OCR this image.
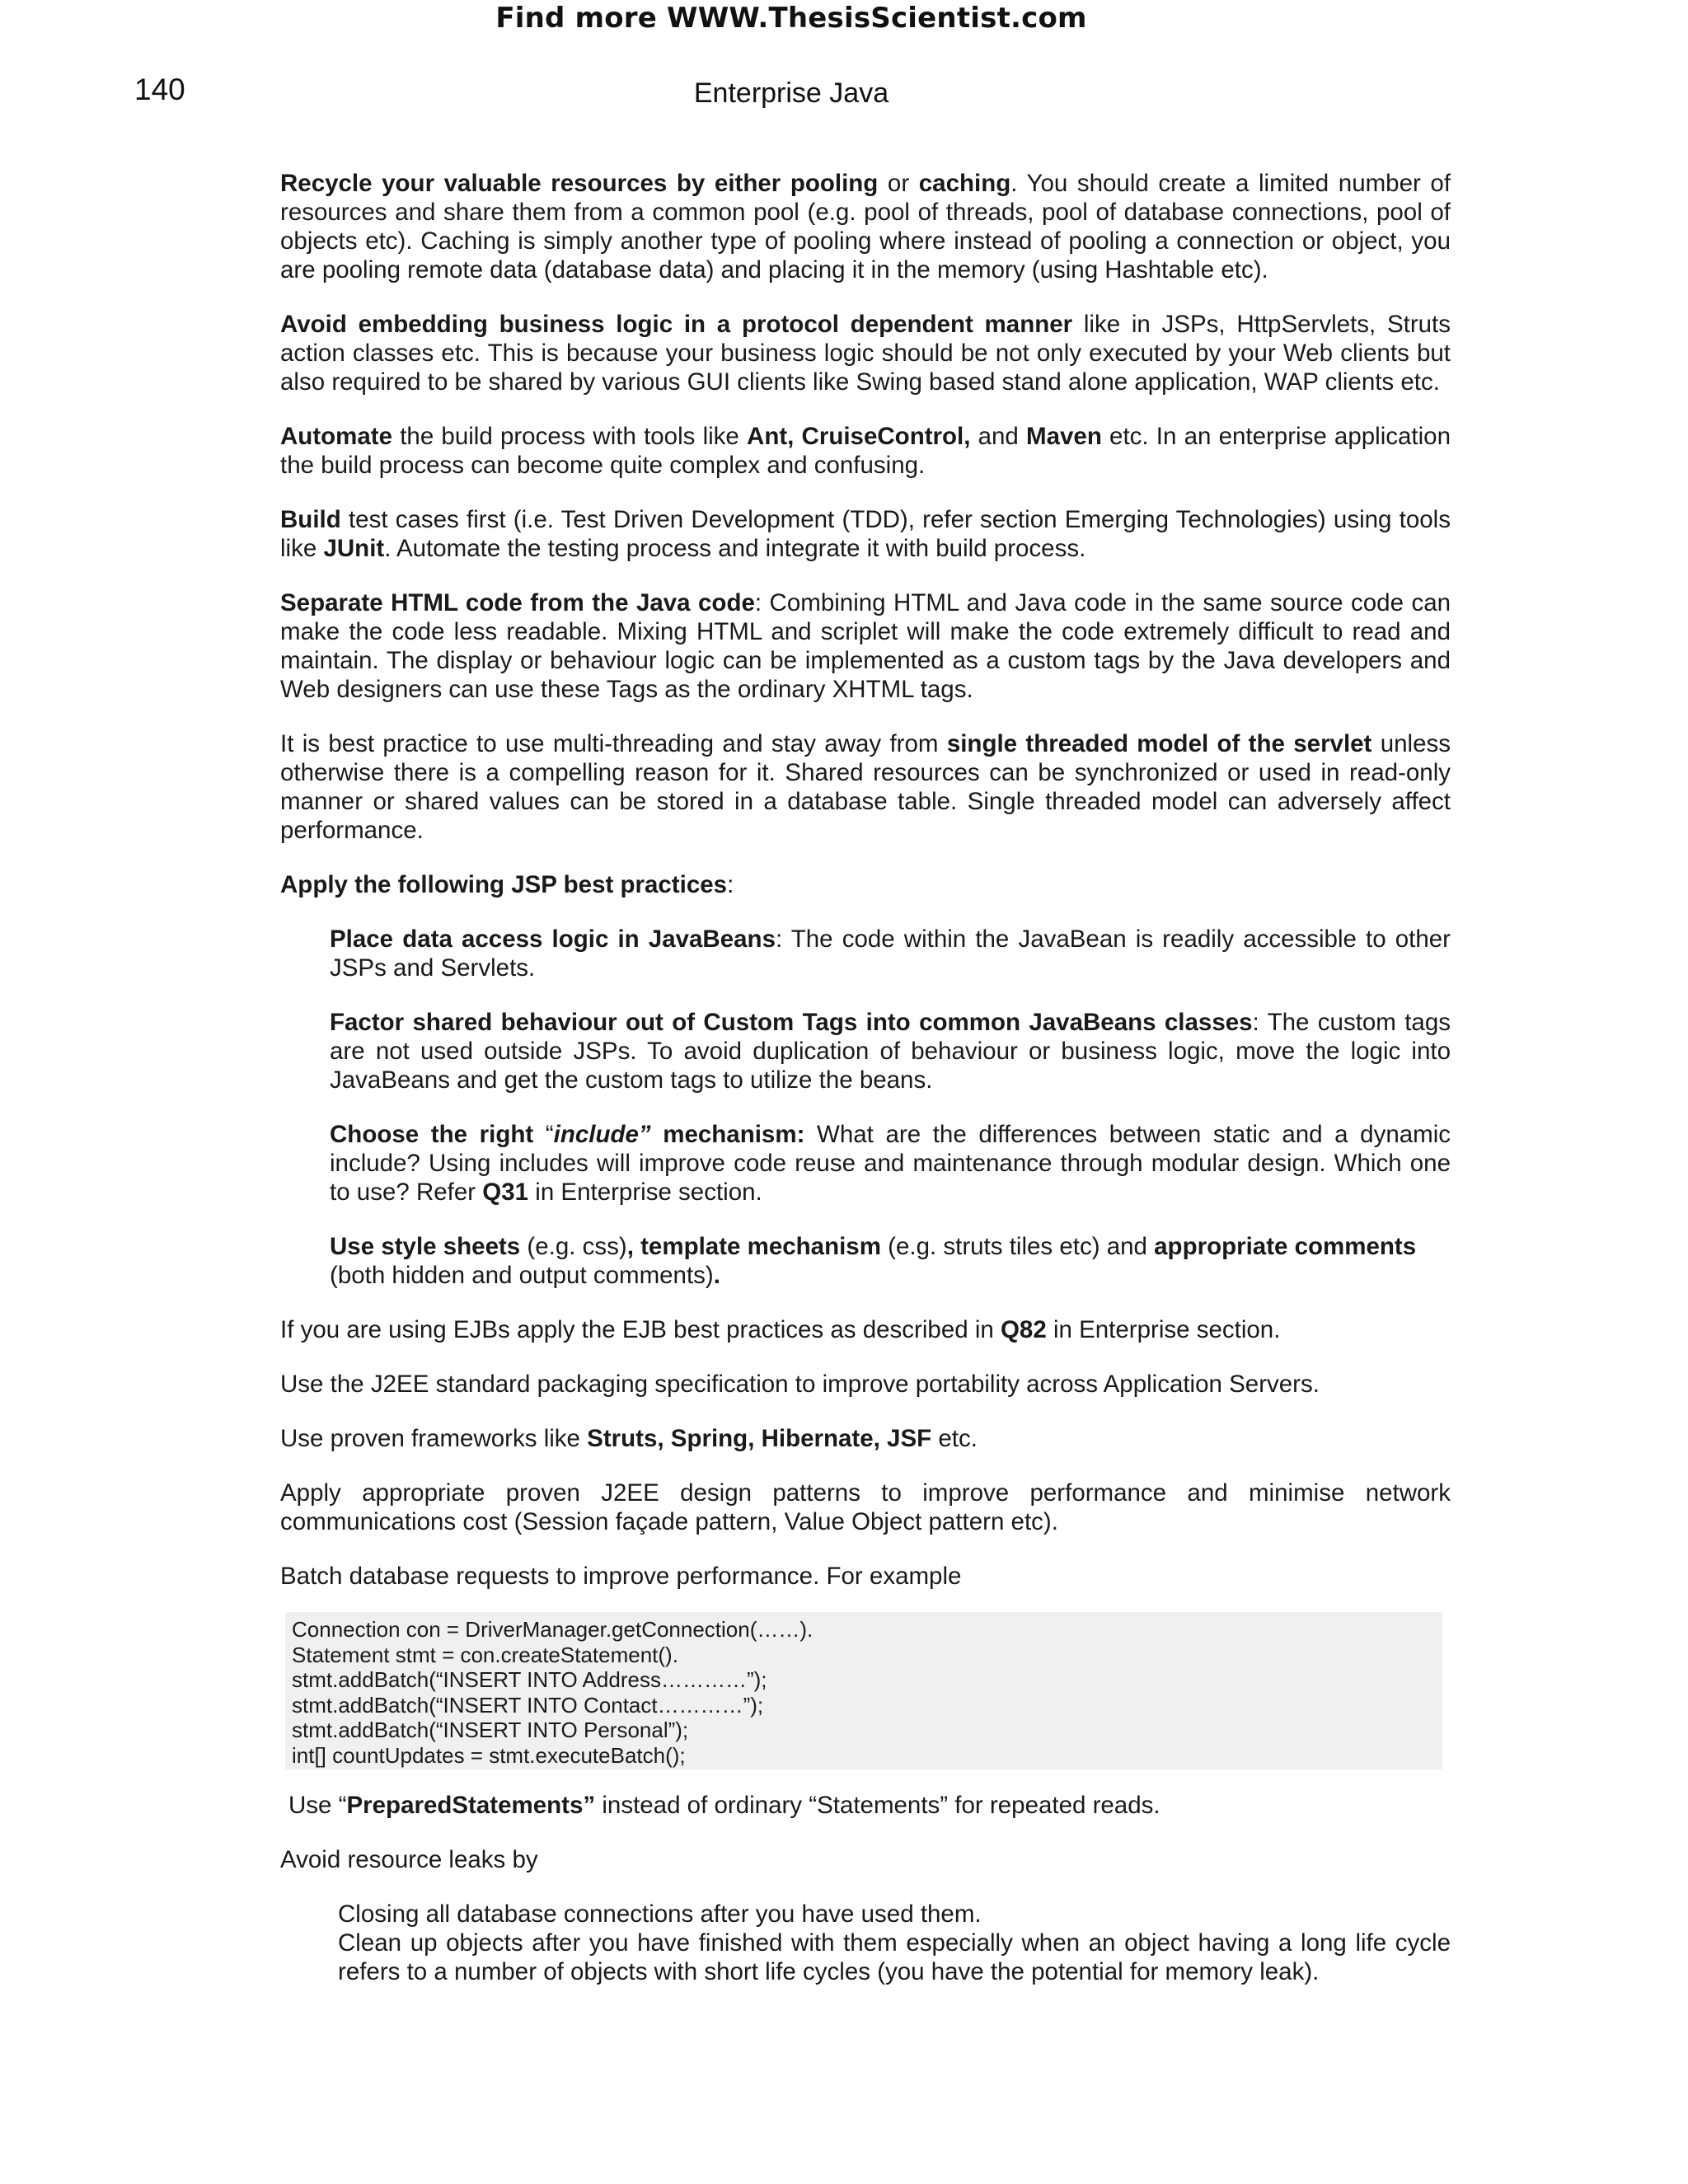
Find more WWW.ThesisScientist.com
140	Enterprise Java

Recycle your valuable resources by either pooling or caching. You should create a limited number of resources and share them from a common pool (e.g. pool of threads, pool of database connections, pool of objects etc). Caching is simply another type of pooling where instead of pooling a connection or object, you are pooling remote data (database data) and placing it in the memory (using Hashtable etc).

Avoid embedding business logic in a protocol dependent manner like in JSPs, HttpServlets, Struts action classes etc. This is because your business logic should be not only executed by your Web clients but also required to be shared by various GUI clients like Swing based stand alone application, WAP clients etc.

Automate the build process with tools like Ant, CruiseControl, and Maven etc. In an enterprise application the build process can become quite complex and confusing.

Build test cases first (i.e. Test Driven Development (TDD), refer section Emerging Technologies) using tools like JUnit. Automate the testing process and integrate it with build process.

Separate HTML code from the Java code: Combining HTML and Java code in the same source code can make the code less readable. Mixing HTML and scriplet will make the code extremely difficult to read and maintain. The display or behaviour logic can be implemented as a custom tags by the Java developers and Web designers can use these Tags as the ordinary XHTML tags.

It is best practice to use multi-threading and stay away from single threaded model of the servlet unless otherwise there is a compelling reason for it. Shared resources can be synchronized or used in read-only manner or shared values can be stored in a database table. Single threaded model can adversely affect performance.

Apply the following JSP best practices:

Place data access logic in JavaBeans: The code within the JavaBean is readily accessible to other JSPs and Servlets.

Factor shared behaviour out of Custom Tags into common JavaBeans classes: The custom tags are not used outside JSPs. To avoid duplication of behaviour or business logic, move the logic into JavaBeans and get the custom tags to utilize the beans.

Choose the right “include” mechanism: What are the differences between static and a dynamic include? Using includes will improve code reuse and maintenance through modular design. Which one to use? Refer Q31 in Enterprise section.

Use style sheets (e.g. css), template mechanism (e.g. struts tiles etc) and appropriate comments (both hidden and output comments).

If you are using EJBs apply the EJB best practices as described in Q82 in Enterprise section.

Use the J2EE standard packaging specification to improve portability across Application Servers.

Use proven frameworks like Struts, Spring, Hibernate, JSF etc.

Apply appropriate proven J2EE design patterns to improve performance and minimise network communications cost (Session façade pattern, Value Object pattern etc).

Batch database requests to improve performance. For example

Connection con = DriverManager.getConnection(……).
Statement stmt = con.createStatement().
stmt.addBatch(“INSERT INTO Address…………”);
stmt.addBatch(“INSERT INTO Contact…………”);
stmt.addBatch(“INSERT INTO Personal”);
int[] countUpdates = stmt.executeBatch();

Use “PreparedStatements” instead of ordinary “Statements” for repeated reads.

Avoid resource leaks by

Closing all database connections after you have used them.
Clean up objects after you have finished with them especially when an object having a long life cycle refers to a number of objects with short life cycles (you have the potential for memory leak).
